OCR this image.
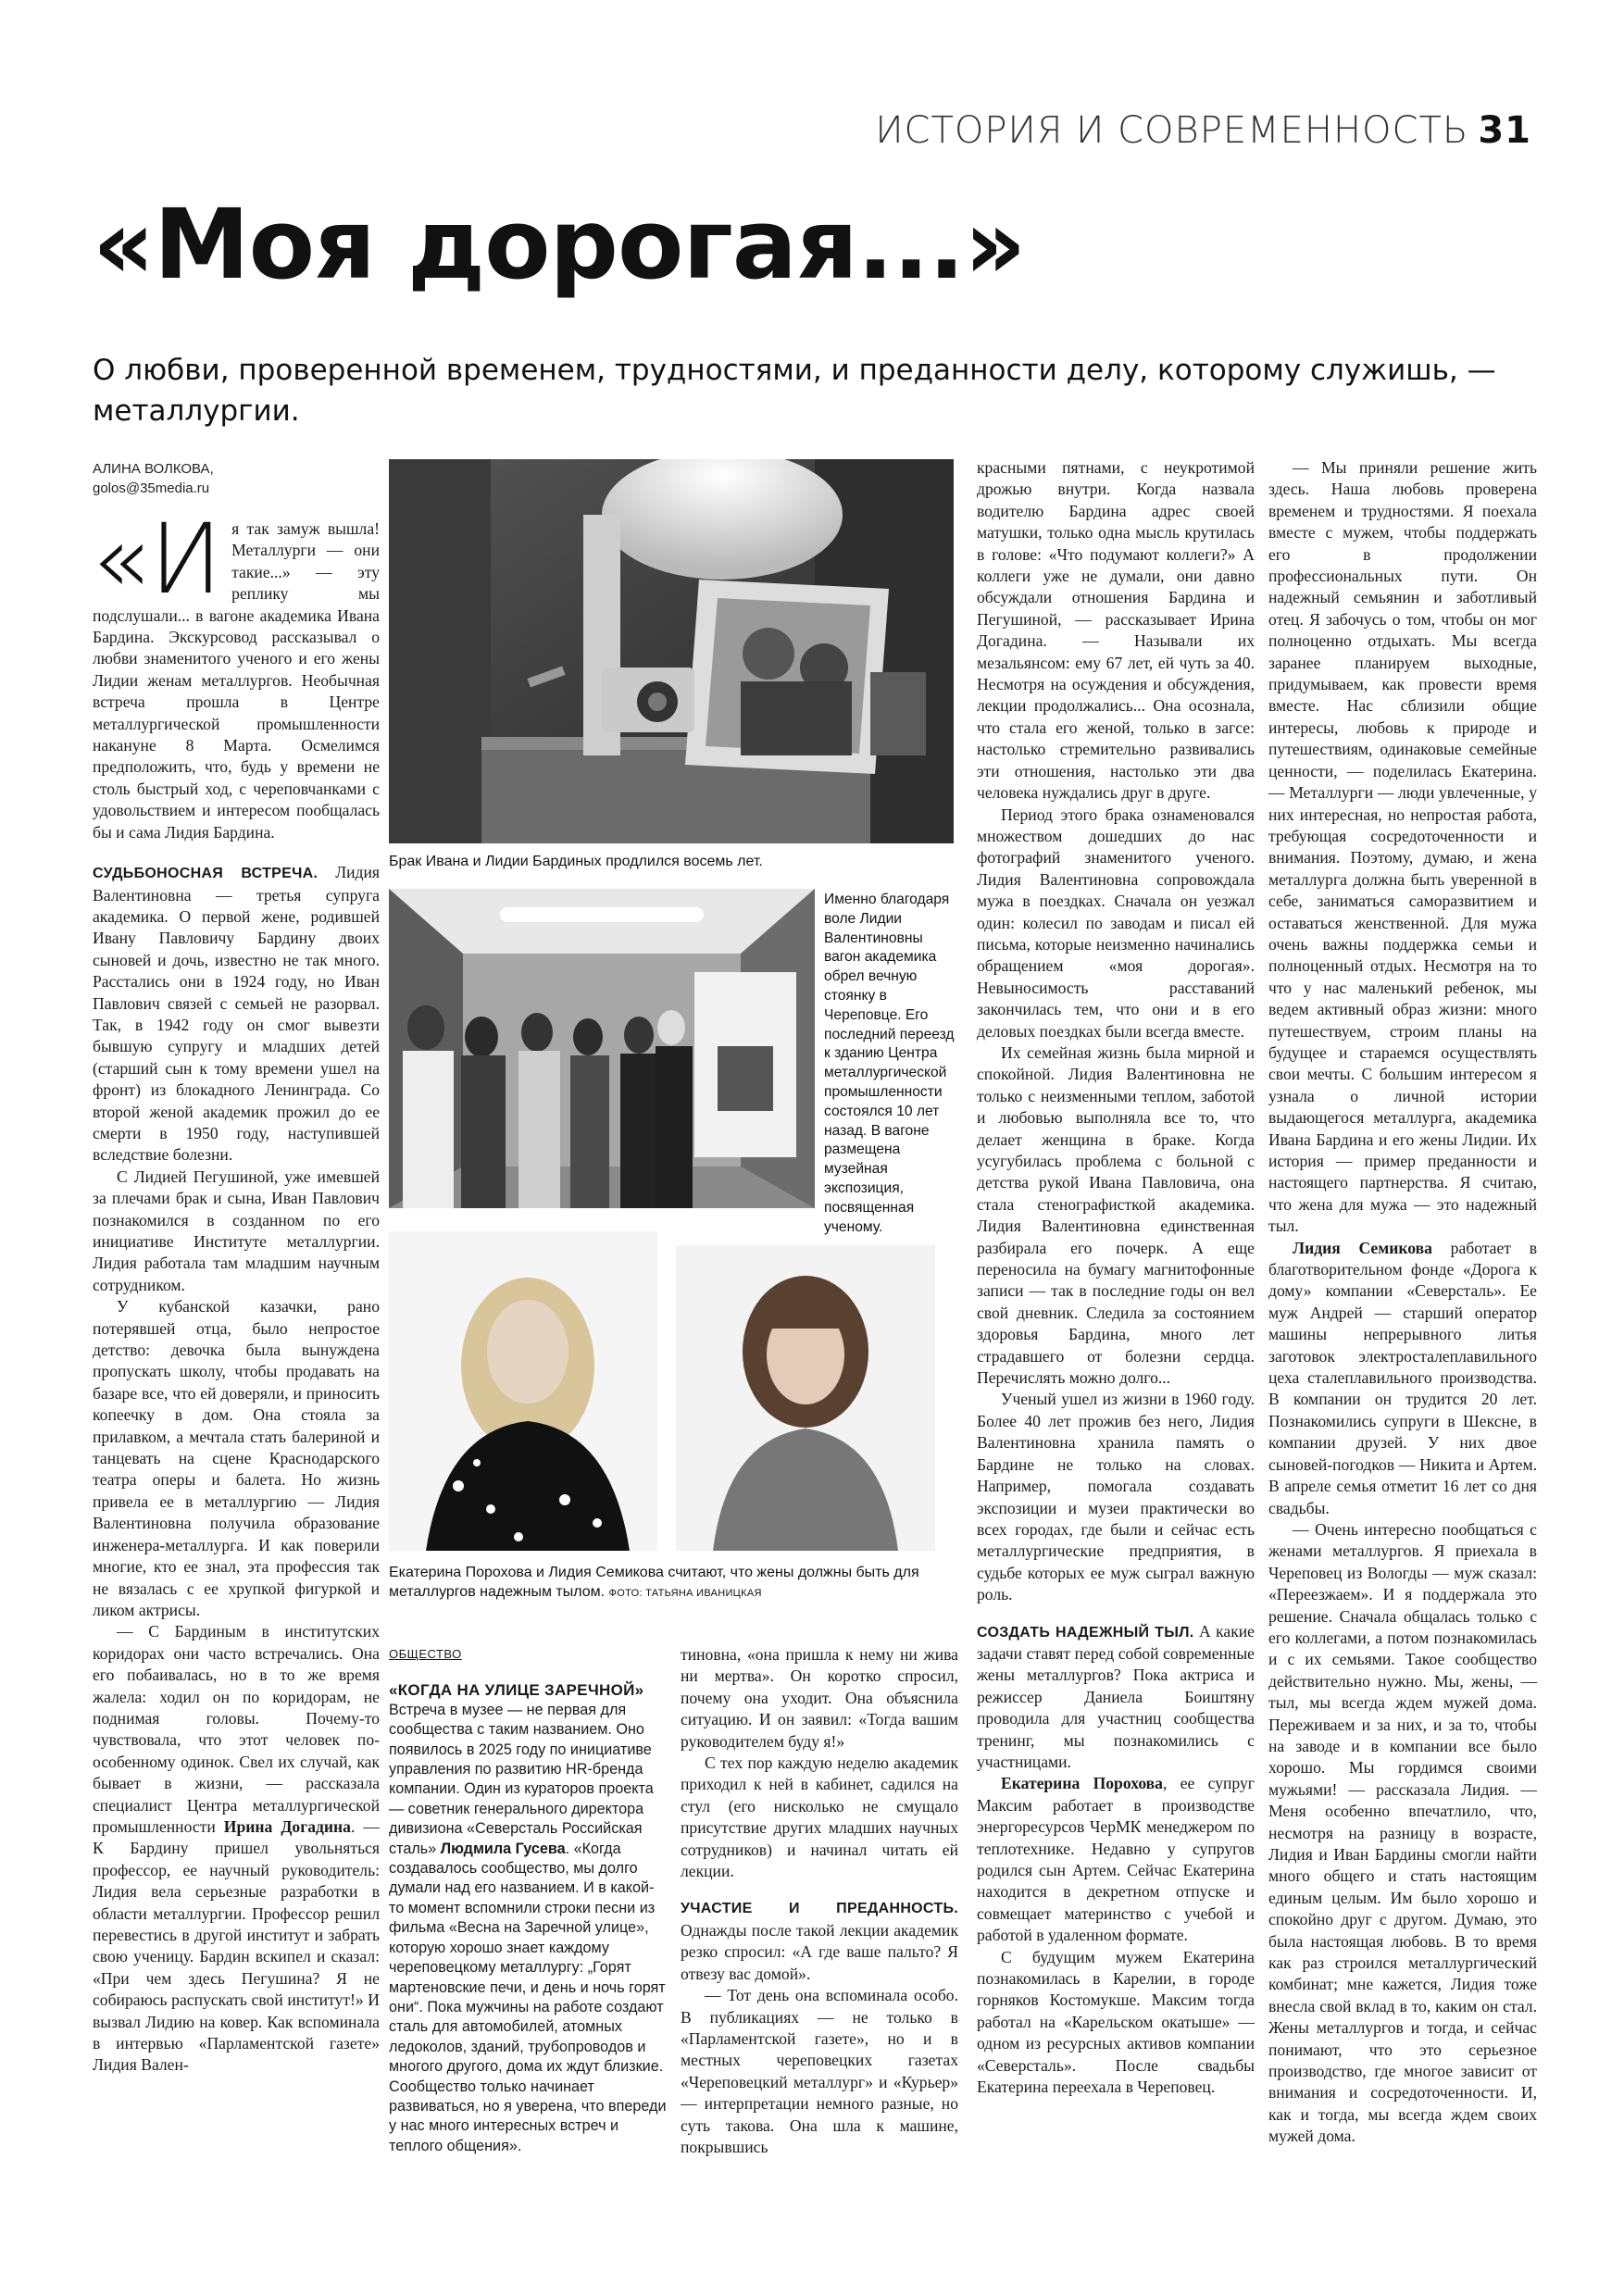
ИСТОРИЯ И СОВРЕМЕННОСТЬ 31
«Моя дорогая...»
О любви, проверенной временем, трудностями, и преданности делу, которому служишь, — металлургии.
АЛИНА ВОЛКОВА,
golos@35media.ru

«Ия так замуж вышла! Металлурги — они такие...» — эту реплику мы подслушали... в вагоне академика Ивана Бардина. Экскурсовод рассказывал о любви знаменитого ученого и его жены Лидии женам металлургов. Необычная встреча прошла в Центре металлургической промышленности накануне 8 Марта. Осмелимся предположить, что, будь у времени не столь быстрый ход, с череповчанками с удовольствием и интересом пообщалась бы и сама Лидия Бардина.

СУДЬБОНОСНАЯ ВСТРЕЧА. Лидия Валентиновна — третья супруга академика. О первой жене, родившей Ивану Павловичу Бардину двоих сыновей и дочь, известно не так много. Расстались они в 1924 году, но Иван Павлович связей с семьей не разорвал. Так, в 1942 году он смог вывезти бывшую супругу и младших детей (старший сын к тому времени ушел на фронт) из блокадного Ленинграда. Со второй женой академик прожил до ее смерти в 1950 году, наступившей вследствие болезни.

С Лидией Пегушиной, уже имевшей за плечами брак и сына, Иван Павлович познакомился в созданном по его инициативе Институте металлургии. Лидия работала там младшим научным сотрудником.

У кубанской казачки, рано потерявшей отца, было непростое детство: девочка была вынуждена пропускать школу, чтобы продавать на базаре все, что ей доверяли, и приносить копеечку в дом. Она стояла за прилавком, а мечтала стать балериной и танцевать на сцене Краснодарского театра оперы и балета. Но жизнь привела ее в металлургию — Лидия Валентиновна получила образование инженера-металлурга. И как поверили многие, кто ее знал, эта профессия так не вязалась с ее хрупкой фигуркой и ликом актрисы.

— С Бардиным в институтских коридорах они часто встречались. Она его побаивалась, но в то же время жалела: ходил он по коридорам, не поднимая головы. Почему-то чувствовала, что этот человек по-особенному одинок. Свел их случай, как бывает в жизни, — рассказала специалист Центра металлургической промышленности Ирина Догадина. — К Бардину пришел увольняться профессор, ее научный руководитель: Лидия вела серьезные разработки в области металлургии. Профессор решил перевестись в другой институт и забрать свою ученицу. Бардин вскипел и сказал: «При чем здесь Пегушина? Я не собираюсь распускать свой институт!» И вызвал Лидию на ковер. Как вспоминала в интервью «Парламентской газете» Лидия Вален-

Брак Ивана и Лидии Бардиных продлился восемь лет.
Именно благодаря воле Лидии Валентиновны вагон академика обрел вечную стоянку в Череповце. Его последний переезд к зданию Центра металлургической промышленности состоялся 10 лет назад. В вагоне размещена музейная экспозиция, посвященная ученому.
Екатерина Порохова и Лидия Семикова считают, что жены должны быть для металлургов надежным тылом. ФОТО: ТАТЬЯНА ИВАНИЦКАЯ
ОБЩЕСТВО
«КОГДА НА УЛИЦЕ ЗАРЕЧНОЙ»

Встреча в музее — не первая для сообщества с таким названием. Оно появилось в 2025 году по инициативе управления по развитию HR-бренда компании. Один из кураторов проекта — советник генерального директора дивизиона «Северсталь Российская сталь» Людмила Гусева. «Когда создавалось сообщество, мы долго думали над его названием. И в какой-то момент вспомнили строки песни из фильма «Весна на Заречной улице», которую хорошо знает каждому череповецкому металлургу: „Горят мартеновские печи, и день и ночь горят они“. Пока мужчины на работе создают сталь для автомобилей, атомных ледоколов, зданий, трубопроводов и многого другого, дома их ждут близкие. Сообщество только начинает развиваться, но я уверена, что впереди у нас много интересных встреч и теплого общения».

тиновна, «она пришла к нему ни жива ни мертва». Он коротко спросил, почему она уходит. Она объяснила ситуацию. И он заявил: «Тогда вашим руководителем буду я!»

С тех пор каждую неделю академик приходил к ней в кабинет, садился на стул (его нисколько не смущало присутствие других младших научных сотрудников) и начинал читать ей лекции.

УЧАСТИЕ И ПРЕДАННОСТЬ. Однажды после такой лекции академик резко спросил: «А где ваше пальто? Я отвезу вас домой».

— Тот день она вспоминала особо. В публикациях — не только в «Парламентской газете», но и в местных череповецких газетах «Череповецкий металлург» и «Курьер» — интерпретации немного разные, но суть такова. Она шла к машине, покрывшись

красными пятнами, с неукротимой дрожью внутри. Когда назвала водителю Бардина адрес своей матушки, только одна мысль крутилась в голове: «Что подумают коллеги?» А коллеги уже не думали, они давно обсуждали отношения Бардина и Пегушиной, — рассказывает Ирина Догадина. — Называли их мезальянсом: ему 67 лет, ей чуть за 40. Несмотря на осуждения и обсуждения, лекции продолжались... Она осознала, что стала его женой, только в загсе: настолько стремительно развивались эти отношения, настолько эти два человека нуждались друг в друге.

Период этого брака ознаменовался множеством дошедших до нас фотографий знаменитого ученого. Лидия Валентиновна сопровождала мужа в поездках. Сначала он уезжал один: колесил по заводам и писал ей письма, которые неизменно начинались обращением «моя дорогая». Невыносимость расставаний закончилась тем, что они и в его деловых поездках были всегда вместе.

Их семейная жизнь была мирной и спокойной. Лидия Валентиновна не только с неизменными теплом, заботой и любовью выполняла все то, что делает женщина в браке. Когда усугубилась проблема с больной с детства рукой Ивана Павловича, она стала стенографисткой академика. Лидия Валентиновна единственная разбирала его почерк. А еще переносила на бумагу магнитофонные записи — так в последние годы он вел свой дневник. Следила за состоянием здоровья Бардина, много лет страдавшего от болезни сердца. Перечислять можно долго...

Ученый ушел из жизни в 1960 году. Более 40 лет прожив без него, Лидия Валентиновна хранила память о Бардине не только на словах. Например, помогала создавать экспозиции и музеи практически во всех городах, где были и сейчас есть металлургические предприятия, в судьбе которых ее муж сыграл важную роль.

СОЗДАТЬ НАДЕЖНЫЙ ТЫЛ. А какие задачи ставят перед собой современные жены металлургов? Пока актриса и режиссер Даниела Боиштяну проводила для участниц сообщества тренинг, мы познакомились с участницами.

Екатерина Порохова, ее супруг Максим работает в производстве энергоресурсов ЧерМК менеджером по теплотехнике. Недавно у супругов родился сын Артем. Сейчас Екатерина находится в декретном отпуске и совмещает материнство с учебой и работой в удаленном формате.

С будущим мужем Екатерина познакомилась в Карелии, в городе горняков Костомукше. Максим тогда работал на «Карельском окатыше» — одном из ресурсных активов компании «Северсталь». После свадьбы Екатерина переехала в Череповец.

— Мы приняли решение жить здесь. Наша любовь проверена временем и трудностями. Я поехала вместе с мужем, чтобы поддержать его в продолжении профессиональных пути. Он надежный семьянин и заботливый отец. Я забочусь о том, чтобы он мог полноценно отдыхать. Мы всегда заранее планируем выходные, придумываем, как провести время вместе. Нас сблизили общие интересы, любовь к природе и путешествиям, одинаковые семейные ценности, — поделилась Екатерина. — Металлурги — люди увлеченные, у них интересная, но непростая работа, требующая сосредоточенности и внимания. Поэтому, думаю, и жена металлурга должна быть уверенной в себе, заниматься саморазвитием и оставаться женственной. Для мужа очень важны поддержка семьи и полноценный отдых. Несмотря на то что у нас маленький ребенок, мы ведем активный образ жизни: много путешествуем, строим планы на будущее и стараемся осуществлять свои мечты. С большим интересом я узнала о личной истории выдающегося металлурга, академика Ивана Бардина и его жены Лидии. Их история — пример преданности и настоящего партнерства. Я считаю, что жена для мужа — это надежный тыл.

Лидия Семикова работает в благотворительном фонде «Дорога к дому» компании «Северсталь». Ее муж Андрей — старший оператор машины непрерывного литья заготовок электросталеплавильного цеха сталеплавильного производства. В компании он трудится 20 лет. Познакомились супруги в Шексне, в компании друзей. У них двое сыновей-погодков — Никита и Артем. В апреле семья отметит 16 лет со дня свадьбы.

— Очень интересно пообщаться с женами металлургов. Я приехала в Череповец из Вологды — муж сказал: «Переезжаем». И я поддержала это решение. Сначала общалась только с его коллегами, а потом познакомилась и с их семьями. Такое сообщество действительно нужно. Мы, жены, — тыл, мы всегда ждем мужей дома. Переживаем и за них, и за то, чтобы на заводе и в компании все было хорошо. Мы гордимся своими мужьями! — рассказала Лидия. — Меня особенно впечатлило, что, несмотря на разницу в возрасте, Лидия и Иван Бардины смогли найти много общего и стать настоящим единым целым. Им было хорошо и спокойно друг с другом. Думаю, это была настоящая любовь. В то время как раз строился металлургический комбинат; мне кажется, Лидия тоже внесла свой вклад в то, каким он стал. Жены металлургов и тогда, и сейчас понимают, что это серьезное производство, где многое зависит от внимания и сосредоточенности. И, как и тогда, мы всегда ждем своих мужей дома.
